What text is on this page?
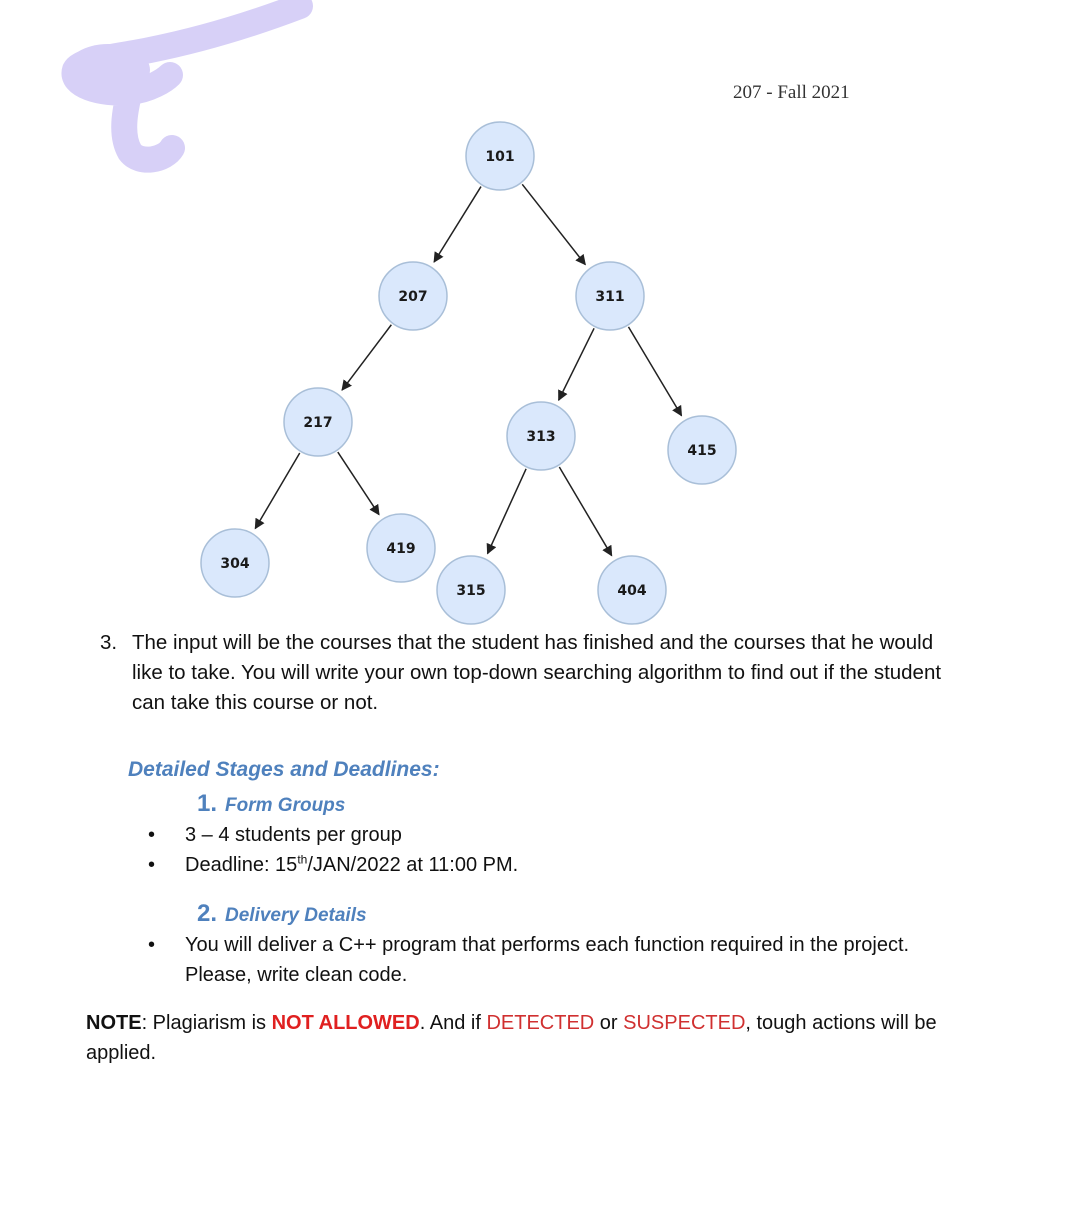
207 - Fall 2021
101
207	311
217
313
415
304
419
315	404
3. The input will be the courses that the student has finished and the courses that he would like to take. You will write your own top-down searching algorithm to find out if the student can take this course or not.
Detailed Stages and Deadlines:
1. Form Groups
• 3 – 4 students per group
• Deadline: 15th/JAN/2022 at 11:00 PM.
2. Delivery Details
• You will deliver a C++ program that performs each function required in the project. Please, write clean code.
NOTE: Plagiarism is NOT ALLOWED. And if DETECTED or SUSPECTED, tough actions will be applied.
